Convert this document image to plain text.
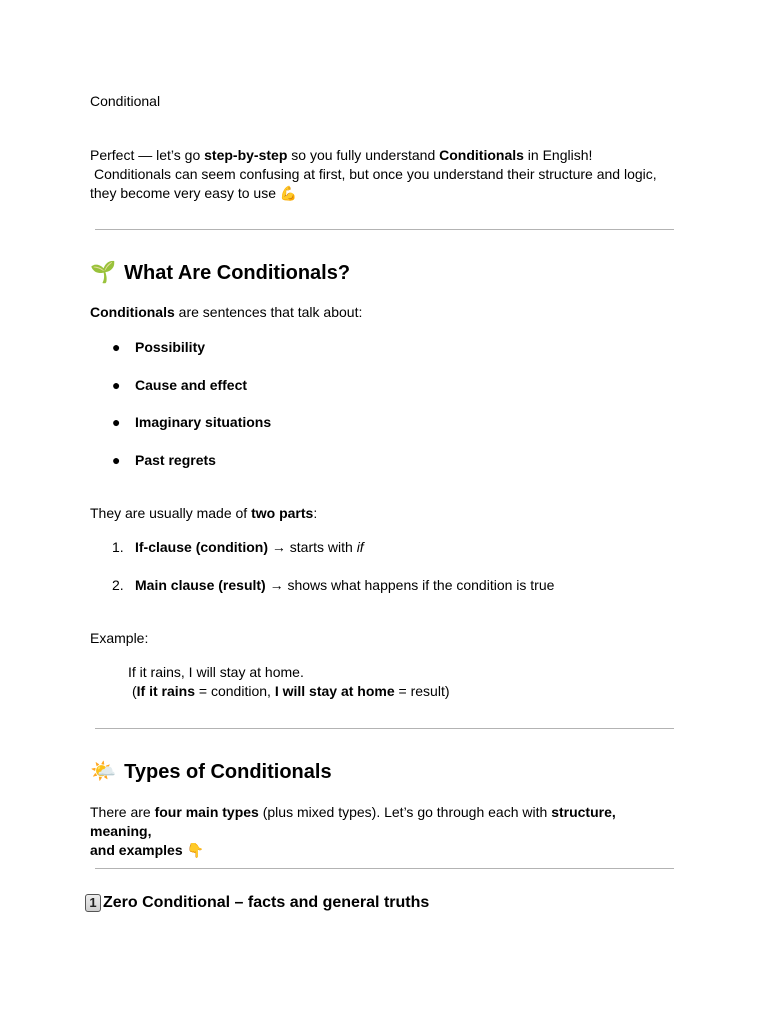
Conditional

Perfect — let’s go step-by-step so you fully understand Conditionals in English!

Conditionals can seem confusing at first, but once you understand their structure and logic,

they become very easy to use 💪

🌱 What Are Conditionals?
Conditionals are sentences that talk about:
●	Possibility
●	Cause and effect
●	Imaginary situations
●	Past regrets
They are usually made of two parts:
1. If-clause (condition) → starts with if
2. Main clause (result) → shows what happens if the condition is true
Example:

If it rains, I will stay at home.

(If it rains = condition, I will stay at home = result)

🌤️ Types of Conditionals
There are four main types (plus mixed types). Let’s go through each with structure, meaning,
and examples 👇
1 Zero Conditional – facts and general truths
